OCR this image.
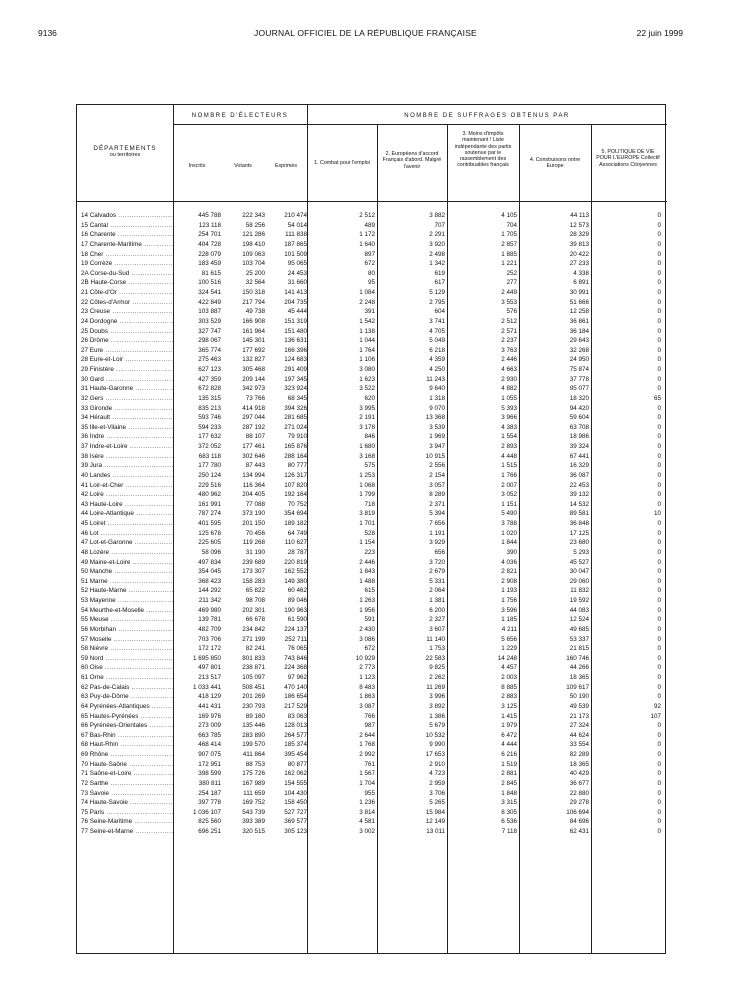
9136	JOURNAL OFFICIEL DE LA RÉPUBLIQUE FRANÇAISE	22 juin 1999
DÉPARTEMENTS
ou territoires
NOMBRE D'ÉLECTEURS	NOMBRE DE SUFFRAGES OBTENUS PAR
Inscrits	Votants	Exprimés	1. Combat pour l'emploi
2. Européens d'accord Français d'abord. Malgré l'avenir
3. Moins d'impôts maintenant ! Liste indépendante des partis soutenue par le rassemblement des contribuables français
4. Construisons notre Europe
5. POLITIQUE DE VIE POUR L'EUROPE Collectif Associations Citoyennes
14 Calvados .....	445 788	222 343	210 474	2 512	3 882	4 105	44 113	0
15 Cantal .....	123 118	58 256	54 014	489	707	704	12 573	0
16 Charente .....	254 701	121 286	111 838	1 172	2 291	1 705	28 329	0
17 Charente-Maritime .....	404 728	198 410	187 865	1 640	3 920	2 857	39 813	0
18 Cher .....	228 079	109 063	101 509	897	2 498	1 885	20 422	0
19 Corrèze .....	183 459	103 704	95 065	672	1 342	1 221	27 233	0
2A Corse-du-Sud .....	81 615	25 200	24 453	80	619	252	4 338	0
2B Haute-Corse .....	100 516	32 564	31 660	95	617	277	6 891	0
21 Côte-d'Or .....	324 541	150 318	141 413	1 084	5 129	2 449	30 991	0
22 Côtes-d'Armor .....	422 849	217 794	204 735	2 248	2 795	3 553	51 666	0
23 Creuse .....	103 887	49 738	45 444	391	604	576	12 258	0
24 Dordogne .....	303 529	166 908	151 319	1 542	3 741	2 512	36 861	0
25 Doubs .....	327 747	161 964	151 480	1 138	4 705	2 571	36 184	0
26 Drôme .....	298 067	145 301	136 631	1 044	5 049	2 237	29 643	0
27 Eure .....	365 774	177 692	166 396	1 764	6 218	3 763	32 268	0
28 Eure-et-Loir .....	275 463	132 827	124 683	1 106	4 359	2 446	24 950	0
29 Finistère .....	627 123	305 468	291 409	3 080	4 250	4 663	75 874	0
30 Gard .....	427 359	209 144	197 345	1 623	11 243	2 930	37 778	0
31 Haute-Garonne .....	672 828	342 973	323 924	3 522	9 640	4 882	95 077	0
32 Gers .....	135 315	73 766	68 345	620	1 318	1 055	18 320	65
33 Gironde .....	835 213	414 918	394 326	3 995	9 070	5 393	94 420	0
34 Hérault .....	593 746	297 044	281 685	2 191	13 368	3 966	59 604	0
35 Ille-et-Vilaine .....	594 233	287 192	271 024	3 178	3 539	4 383	63 708	0
36 Indre .....	177 632	88 107	79 910	846	1 969	1 554	18 986	0
37 Indre-et-Loire .....	372 052	177 461	165 876	1 680	3 947	2 893	39 324	0
38 Isère .....	683 118	302 646	288 164	3 168	10 915	4 448	67 441	0
39 Jura .....	177 780	87 443	80 777	575	2 556	1 515	16 329	0
40 Landes .....	250 124	134 994	126 317	1 253	2 154	1 766	36 087	0
41 Loir-et-Cher .....	229 516	116 364	107 820	1 068	3 057	2 007	22 453	0
42 Loire .....	480 962	204 405	192 164	1 799	8 289	3 052	39 132	0
43 Haute-Loire .....	161 991	77 088	70 752	718	2 371	1 151	14 532	0
44 Loire-Atlantique .....	787 274	373 190	354 694	3 819	5 394	5 490	89 581	10
45 Loiret .....	401 595	201 150	189 182	1 701	7 656	3 788	36 848	0
46 Lot .....	125 678	70 456	64 749	528	1 191	1 020	17 125	0
47 Lot-et-Garonne .....	225 605	119 268	110 627	1 154	3 929	1 844	23 680	0
48 Lozère .....	58 096	31 190	28 787	223	656	390	5 293	0
49 Maine-et-Loire .....	497 834	239 689	220 819	2 446	3 720	4 036	45 527	0
50 Manche .....	354 045	173 307	162 552	1 843	2 679	2 821	30 047	0
51 Marne .....	368 423	158 283	149 380	1 488	5 331	2 908	29 060	0
52 Haute-Marne .....	144 292	65 822	60 462	615	2 064	1 193	11 832	0
53 Mayenne .....	211 342	98 708	89 046	1 263	1 381	1 756	19 592	0
54 Meurthe-et-Moselle .....	469 980	202 301	190 963	1 956	6 200	3 596	44 083	0
55 Meuse .....	139 781	66 678	61 590	591	2 327	1 185	12 524	0
56 Morbihan .....	482 709	234 842	224 137	2 430	3 607	4 211	49 685	0
57 Moselle .....	703 706	271 199	252 711	3 086	11 140	5 656	53 337	0
58 Nièvre .....	172 172	82 241	76 065	672	1 753	1 229	21 815	0
59 Nord .....	1 695 850	801 833	743 846	10 929	22 583	14 248	160 746	0
60 Oise .....	497 801	238 871	224 368	2 773	9 825	4 457	44 266	0
61 Orne .....	213 517	105 097	97 962	1 123	2 262	2 003	18 365	0
62 Pas-de-Calais .....	1 033 441	508 451	470 140	8 483	11 269	8 885	109 617	0
63 Puy-de-Dôme .....	418 129	201 269	186 654	1 863	3 996	2 883	50 190	0
64 Pyrénées-Atlantiques .....	441 431	230 793	217 529	3 087	3 892	3 125	49 539	92
65 Hautes-Pyrénées .....	169 976	89 160	83 063	766	1 386	1 415	21 173	107
66 Pyrénées-Orientales .....	273 009	135 446	128 013	987	5 679	1 979	27 324	0
67 Bas-Rhin .....	663 785	283 890	264 577	2 644	10 532	6 472	44 624	0
68 Haut-Rhin .....	468 414	199 570	185 374	1 768	9 990	4 444	33 554	0
69 Rhône .....	907 075	411 864	395 454	2 992	17 653	6 216	82 289	0
70 Haute-Saône .....	172 951	88 753	80 877	761	2 910	1 519	18 365	0
71 Saône-et-Loire .....	398 599	175 726	162 062	1 567	4 723	2 881	40 429	0
72 Sarthe .....	380 811	167 989	154 555	1 704	2 959	2 845	36 677	0
73 Savoie .....	254 187	111 659	104 430	955	3 706	1 848	22 880	0
74 Haute-Savoie .....	397 778	169 752	158 450	1 236	5 265	3 315	29 278	0
75 Paris .....	1 036 107	543 739	527 727	3 814	15 984	8 305	106 694	0
76 Seine-Maritime .....	825 560	393 389	369 577	4 581	12 149	6 536	84 696	0
77 Seine-et-Marne .....	696 251	320 515	305 123	3 002	13 011	7 118	62 431	0
